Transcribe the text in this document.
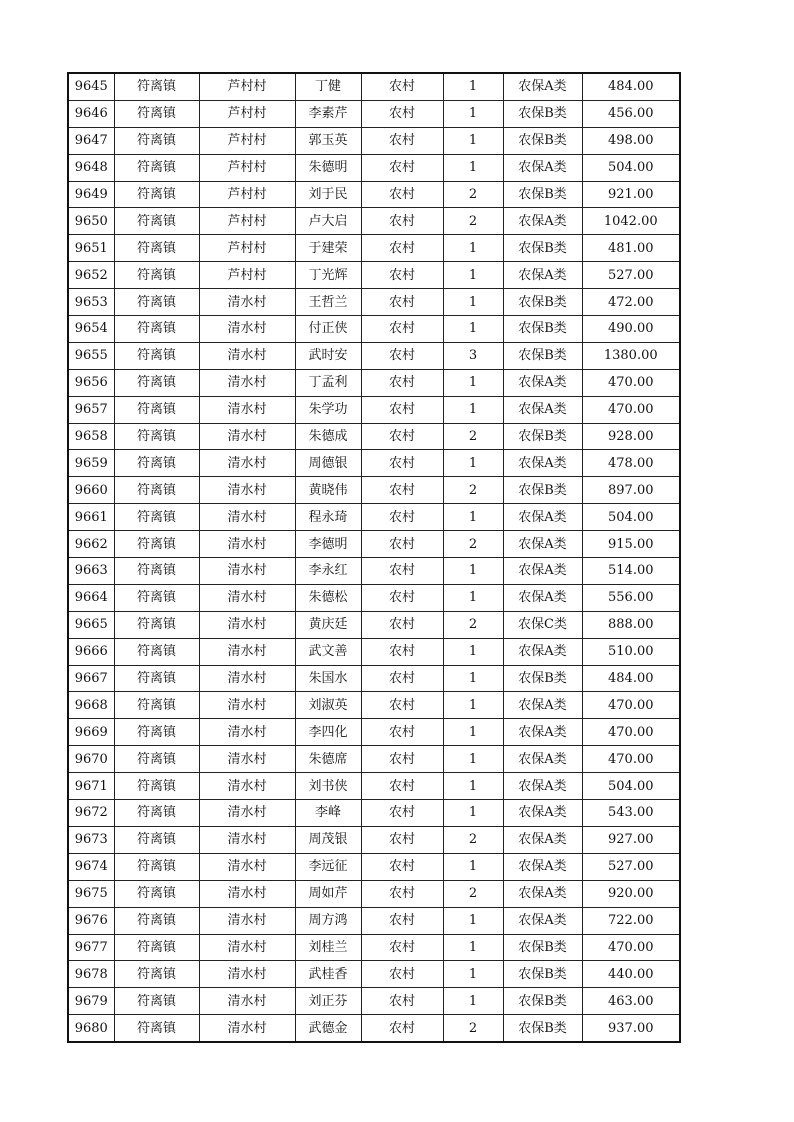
9645	符离镇	芦村村	丁健	农村	1	农保A类	484.00
9646	符离镇	芦村村	李素芹	农村	1	农保B类	456.00
9647	符离镇	芦村村	郭玉英	农村	1	农保B类	498.00
9648	符离镇	芦村村	朱德明	农村	1	农保A类	504.00
9649	符离镇	芦村村	刘于民	农村	2	农保B类	921.00
9650	符离镇	芦村村	卢大启	农村	2	农保A类	1042.00
9651	符离镇	芦村村	于建荣	农村	1	农保B类	481.00
9652	符离镇	芦村村	丁光辉	农村	1	农保A类	527.00
9653	符离镇	清水村	王哲兰	农村	1	农保B类	472.00
9654	符离镇	清水村	付正侠	农村	1	农保B类	490.00
9655	符离镇	清水村	武时安	农村	3	农保B类	1380.00
9656	符离镇	清水村	丁孟利	农村	1	农保A类	470.00
9657	符离镇	清水村	朱学功	农村	1	农保A类	470.00
9658	符离镇	清水村	朱德成	农村	2	农保B类	928.00
9659	符离镇	清水村	周德银	农村	1	农保A类	478.00
9660	符离镇	清水村	黄晓伟	农村	2	农保B类	897.00
9661	符离镇	清水村	程永琦	农村	1	农保A类	504.00
9662	符离镇	清水村	李德明	农村	2	农保A类	915.00
9663	符离镇	清水村	李永红	农村	1	农保A类	514.00
9664	符离镇	清水村	朱德松	农村	1	农保A类	556.00
9665	符离镇	清水村	黄庆廷	农村	2	农保C类	888.00
9666	符离镇	清水村	武文善	农村	1	农保A类	510.00
9667	符离镇	清水村	朱国水	农村	1	农保B类	484.00
9668	符离镇	清水村	刘淑英	农村	1	农保A类	470.00
9669	符离镇	清水村	李四化	农村	1	农保A类	470.00
9670	符离镇	清水村	朱德席	农村	1	农保A类	470.00
9671	符离镇	清水村	刘书侠	农村	1	农保A类	504.00
9672	符离镇	清水村	李峰	农村	1	农保A类	543.00
9673	符离镇	清水村	周茂银	农村	2	农保A类	927.00
9674	符离镇	清水村	李远征	农村	1	农保A类	527.00
9675	符离镇	清水村	周如芹	农村	2	农保A类	920.00
9676	符离镇	清水村	周方鸿	农村	1	农保A类	722.00
9677	符离镇	清水村	刘桂兰	农村	1	农保B类	470.00
9678	符离镇	清水村	武桂香	农村	1	农保B类	440.00
9679	符离镇	清水村	刘正芬	农村	1	农保B类	463.00
9680	符离镇	清水村	武德金	农村	2	农保B类	937.00
